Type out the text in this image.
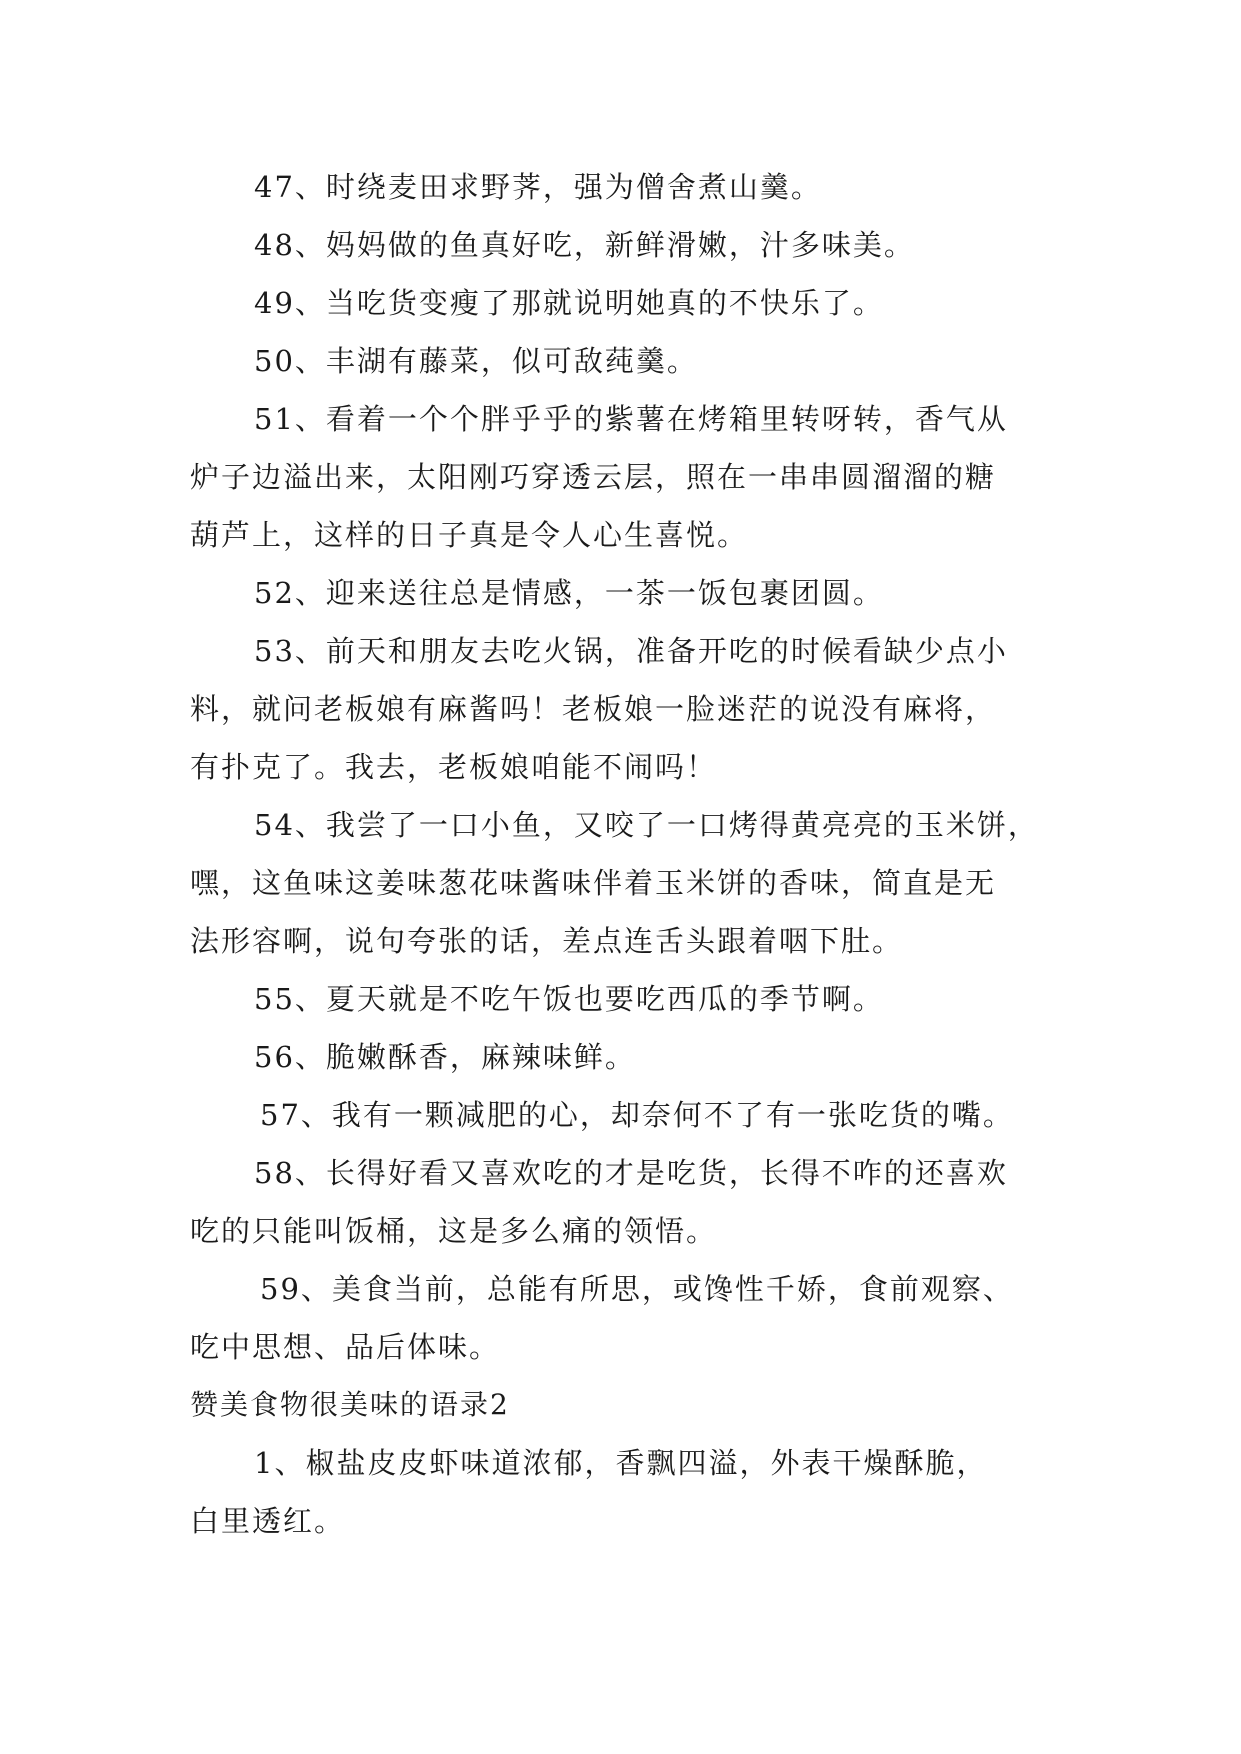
47、时绕麦田求野荠，强为僧舍煮山羹。
48、妈妈做的鱼真好吃，新鲜滑嫩，汁多味美。
49、当吃货变瘦了那就说明她真的不快乐了。
50、丰湖有藤菜，似可敌莼羹。
51、看着一个个胖乎乎的紫薯在烤箱里转呀转，香气从
炉子边溢出来，太阳刚巧穿透云层，照在一串串圆溜溜的糖
葫芦上，这样的日子真是令人心生喜悦。
52、迎来送往总是情感，一茶一饭包裹团圆。
53、前天和朋友去吃火锅，准备开吃的时候看缺少点小
料，就问老板娘有麻酱吗！老板娘一脸迷茫的说没有麻将，
有扑克了。我去，老板娘咱能不闹吗！
54、我尝了一口小鱼，又咬了一口烤得黄亮亮的玉米饼，
嘿，这鱼味这姜味葱花味酱味伴着玉米饼的香味，简直是无
法形容啊，说句夸张的话，差点连舌头跟着咽下肚。
55、夏天就是不吃午饭也要吃西瓜的季节啊。
56、脆嫩酥香，麻辣味鲜。
57、我有一颗减肥的心，却奈何不了有一张吃货的嘴。
58、长得好看又喜欢吃的才是吃货，长得不咋的还喜欢
吃的只能叫饭桶，这是多么痛的领悟。
59、美食当前，总能有所思，或馋性千娇，食前观察、
吃中思想、品后体味。
赞美食物很美味的语录2
1、椒盐皮皮虾味道浓郁，香飘四溢，外表干燥酥脆，
白里透红。
